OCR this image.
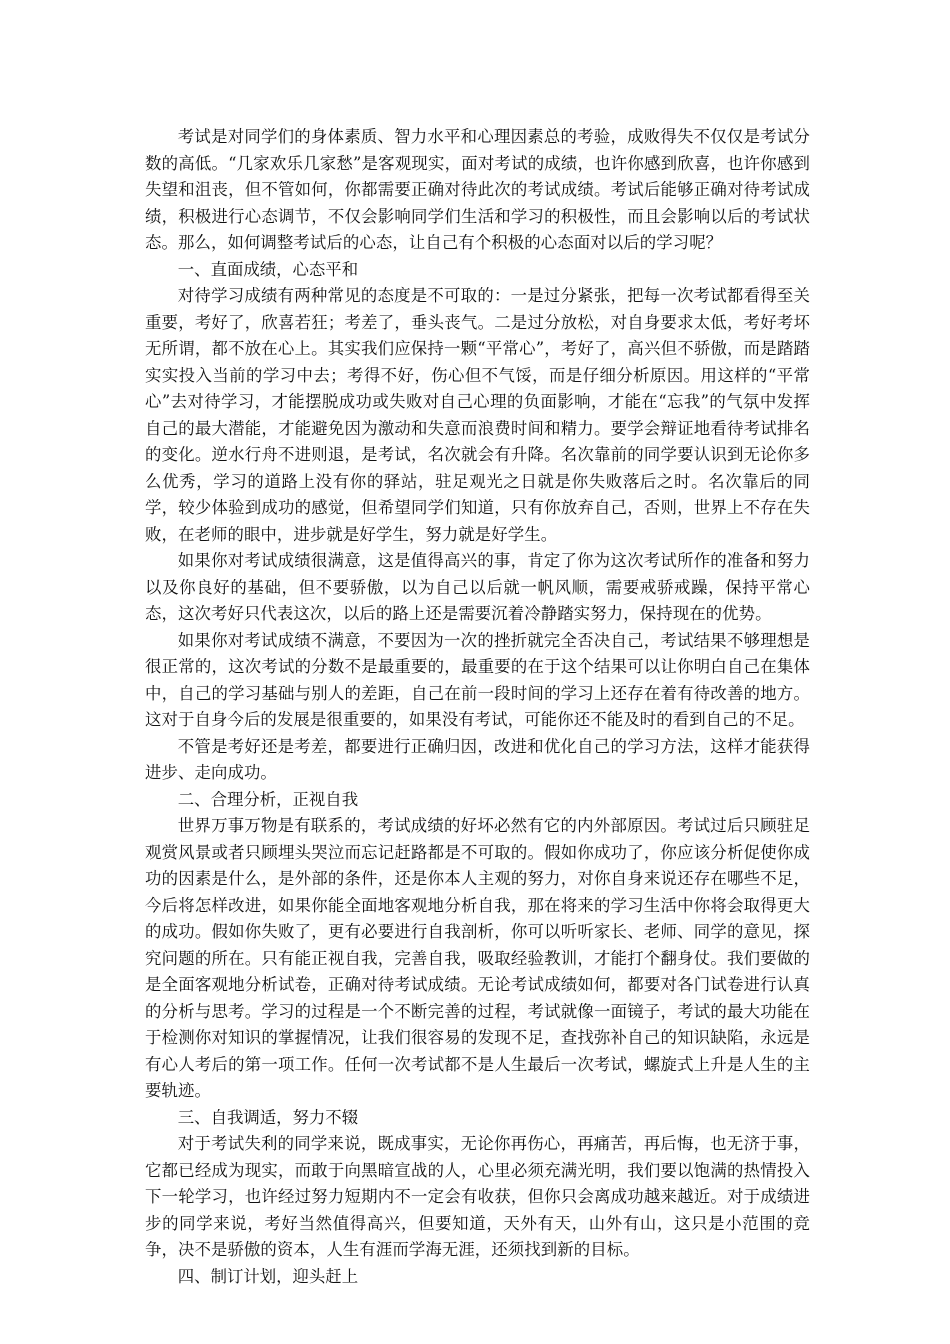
考试是对同学们的身体素质、智力水平和心理因素总的考验，成败得失不仅仅是考试分数的高低。“几家欢乐几家愁”是客观现实，面对考试的成绩，也许你感到欣喜，也许你感到失望和沮丧，但不管如何，你都需要正确对待此次的考试成绩。考试后能够正确对待考试成绩，积极进行心态调节，不仅会影响同学们生活和学习的积极性，而且会影响以后的考试状态。那么，如何调整考试后的心态，让自己有个积极的心态面对以后的学习呢？

一、直面成绩，心态平和

对待学习成绩有两种常见的态度是不可取的：一是过分紧张，把每一次考试都看得至关重要，考好了，欣喜若狂；考差了，垂头丧气。二是过分放松，对自身要求太低，考好考坏无所谓，都不放在心上。其实我们应保持一颗“平常心”，考好了，高兴但不骄傲，而是踏踏实实投入当前的学习中去；考得不好，伤心但不气馁，而是仔细分析原因。用这样的“平常心”去对待学习，才能摆脱成功或失败对自己心理的负面影响，才能在“忘我”的气氛中发挥自己的最大潜能，才能避免因为激动和失意而浪费时间和精力。要学会辩证地看待考试排名的变化。逆水行舟不进则退，是考试，名次就会有升降。名次靠前的同学要认识到无论你多么优秀，学习的道路上没有你的驿站，驻足观光之日就是你失败落后之时。名次靠后的同学，较少体验到成功的感觉，但希望同学们知道，只有你放弃自己，否则，世界上不存在失败，在老师的眼中，进步就是好学生，努力就是好学生。

如果你对考试成绩很满意，这是值得高兴的事，肯定了你为这次考试所作的准备和努力以及你良好的基础，但不要骄傲，以为自己以后就一帆风顺，需要戒骄戒躁，保持平常心态，这次考好只代表这次，以后的路上还是需要沉着冷静踏实努力，保持现在的优势。

如果你对考试成绩不满意，不要因为一次的挫折就完全否决自己，考试结果不够理想是很正常的，这次考试的分数不是最重要的，最重要的在于这个结果可以让你明白自己在集体中，自己的学习基础与别人的差距，自己在前一段时间的学习上还存在着有待改善的地方。这对于自身今后的发展是很重要的，如果没有考试，可能你还不能及时的看到自己的不足。

不管是考好还是考差，都要进行正确归因，改进和优化自己的学习方法，这样才能获得进步、走向成功。

二、合理分析，正视自我

世界万事万物是有联系的，考试成绩的好坏必然有它的内外部原因。考试过后只顾驻足观赏风景或者只顾埋头哭泣而忘记赶路都是不可取的。假如你成功了，你应该分析促使你成功的因素是什么，是外部的条件，还是你本人主观的努力，对你自身来说还存在哪些不足，今后将怎样改进，如果你能全面地客观地分析自我，那在将来的学习生活中你将会取得更大的成功。假如你失败了，更有必要进行自我剖析，你可以听听家长、老师、同学的意见，探究问题的所在。只有能正视自我，完善自我，吸取经验教训，才能打个翻身仗。我们要做的是全面客观地分析试卷，正确对待考试成绩。无论考试成绩如何，都要对各门试卷进行认真的分析与思考。学习的过程是一个不断完善的过程，考试就像一面镜子，考试的最大功能在于检测你对知识的掌握情况，让我们很容易的发现不足，查找弥补自己的知识缺陷，永远是有心人考后的第一项工作。任何一次考试都不是人生最后一次考试，螺旋式上升是人生的主要轨迹。

三、自我调适，努力不辍

对于考试失利的同学来说，既成事实，无论你再伤心，再痛苦，再后悔，也无济于事，它都已经成为现实，而敢于向黑暗宣战的人，心里必须充满光明，我们要以饱满的热情投入下一轮学习，也许经过努力短期内不一定会有收获，但你只会离成功越来越近。对于成绩进步的同学来说，考好当然值得高兴，但要知道，天外有天，山外有山，这只是小范围的竞争，决不是骄傲的资本，人生有涯而学海无涯，还须找到新的目标。

四、制订计划，迎头赶上
